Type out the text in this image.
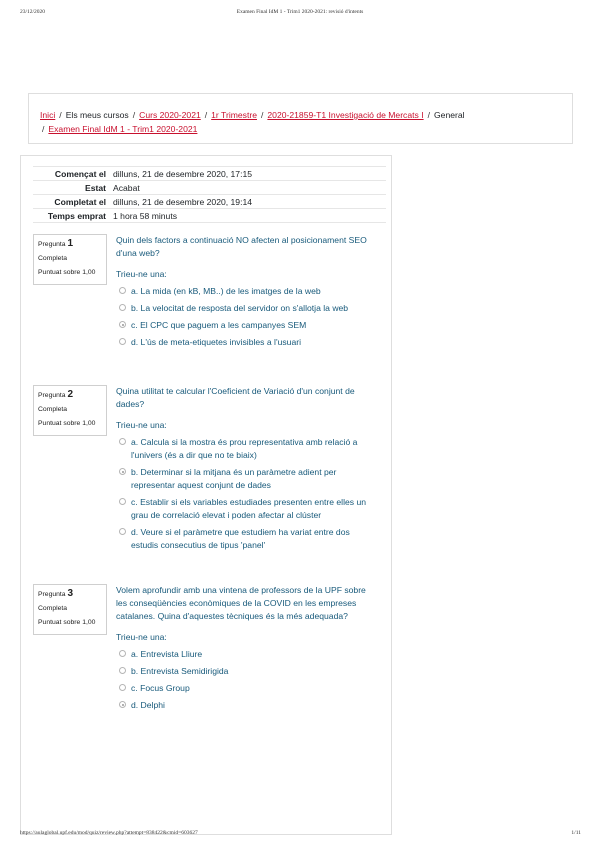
23/12/2020	Examen Final IdM 1 - Trim1 2020-2021: revisió d'intents
Inici / Els meus cursos / Curs 2020-2021 / 1r Trimestre / 2020-21859-T1 Investigació de Mercats I / General
/ Examen Final IdM 1 - Trim1 2020-2021
Començat el	dilluns, 21 de desembre 2020, 17:15
Estat	Acabat
Completat el	dilluns, 21 de desembre 2020, 19:14
Temps emprat	1 hora 58 minuts
Pregunta 1
Completa
Puntuat sobre 1,00
Quin dels factors a continuació NO afecten al posicionament SEO d'una web?
Trieu-ne una:
a. La mida (en kB, MB..) de les imatges de la web
b. La velocitat de resposta del servidor on s'allotja la web
c. El CPC que paguem a les campanyes SEM
d. L'ús de meta-etiquetes invisibles a l'usuari
Pregunta 2
Completa
Puntuat sobre 1,00
Quina utilitat te calcular l'Coeficient de Variació d'un conjunt de dades?
Trieu-ne una:
a. Calcula si la mostra és prou representativa amb relació a l'univers (és a dir que no te biaix)
b. Determinar si la mitjana és un paràmetre adient per representar aquest conjunt de dades
c. Establir si els variables estudiades presenten entre elles un grau de correlació elevat i poden afectar al clúster
d. Veure si el paràmetre que estudiem ha variat entre dos estudis consecutius de tipus 'panel'
Pregunta 3
Completa
Puntuat sobre 1,00
Volem aprofundir amb una vintena de professors de la UPF sobre les conseqüències econòmiques de la COVID en les empreses catalanes. Quina d'aquestes tècniques és la més adequada?
Trieu-ne una:
a. Entrevista Lliure
b. Entrevista Semidirigida
c. Focus Group
d. Delphi
https://aulaglobal.upf.edu/mod/quiz/review.php?attempt=838422&cmid=603627	1/11
